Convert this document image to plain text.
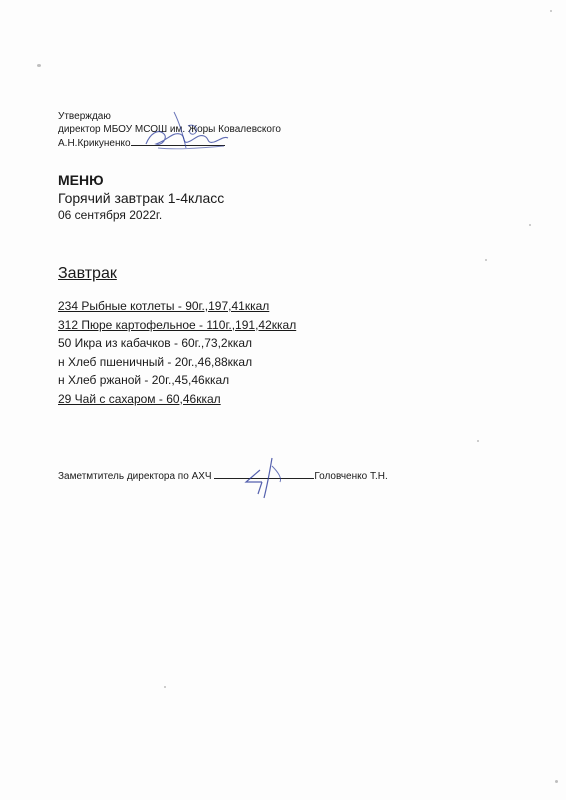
Утверждаю
директор МБОУ МСОШ им. Жоры Ковалевского
А.Н.Крикуненко
МЕНЮ
Горячий завтрак 1-4класс
06 сентября 2022г.
Завтрак
234 Рыбные котлеты - 90г.,197,41ккал
312 Пюре картофельное - 110г.,191,42ккал
50 Икра из кабачков - 60г.,73,2ккал
н Хлеб пшеничный - 20г.,46,88ккал
н Хлеб ржаной - 20г.,45,46ккал
29 Чай с сахаром - 60,46ккал
Заметмтитель директора по АХЧ	Головченко Т.Н.
